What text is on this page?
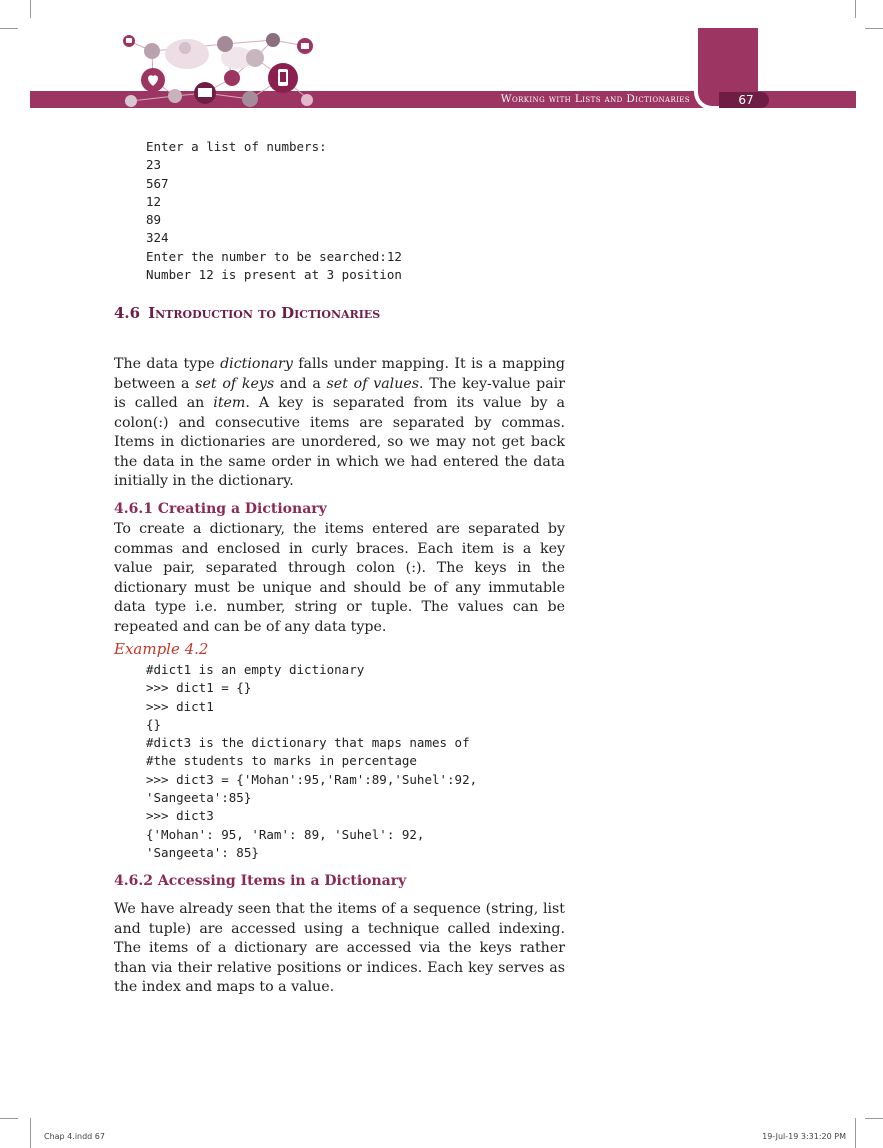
Working with Lists and Dictionaries	67
Enter a list of numbers:
23
567
12
89
324
Enter the number to be searched:12
Number 12 is present at 3 position
4.6 Introduction to Dictionaries

The data type dictionary falls under mapping. It is a mapping between a set of keys and a set of values. The key-value pair is called an item. A key is separated from its value by a colon(:) and consecutive items are separated by commas. Items in dictionaries are unordered, so we may not get back the data in the same order in which we had entered the data initially in the dictionary.

4.6.1 Creating a Dictionary

To create a dictionary, the items entered are separated by commas and enclosed in curly braces. Each item is a key value pair, separated through colon (:). The keys in the dictionary must be unique and should be of any immutable data type i.e. number, string or tuple. The values can be repeated and can be of any data type.

Example 4.2
#dict1 is an empty dictionary
>>> dict1 = {}
>>> dict1
{}
#dict3 is the dictionary that maps names of
#the students to marks in percentage
>>> dict3 = {'Mohan':95,'Ram':89,'Suhel':92,
'Sangeeta':85}
>>> dict3
{'Mohan': 95, 'Ram': 89, 'Suhel': 92,
'Sangeeta': 85}
4.6.2 Accessing Items in a Dictionary

We have already seen that the items of a sequence (string, list and tuple) are accessed using a technique called indexing. The items of a dictionary are accessed via the keys rather than via their relative positions or indices. Each key serves as the index and maps to a value.

Chap 4.indd 67	19-Jul-19 3:31:20 PM
